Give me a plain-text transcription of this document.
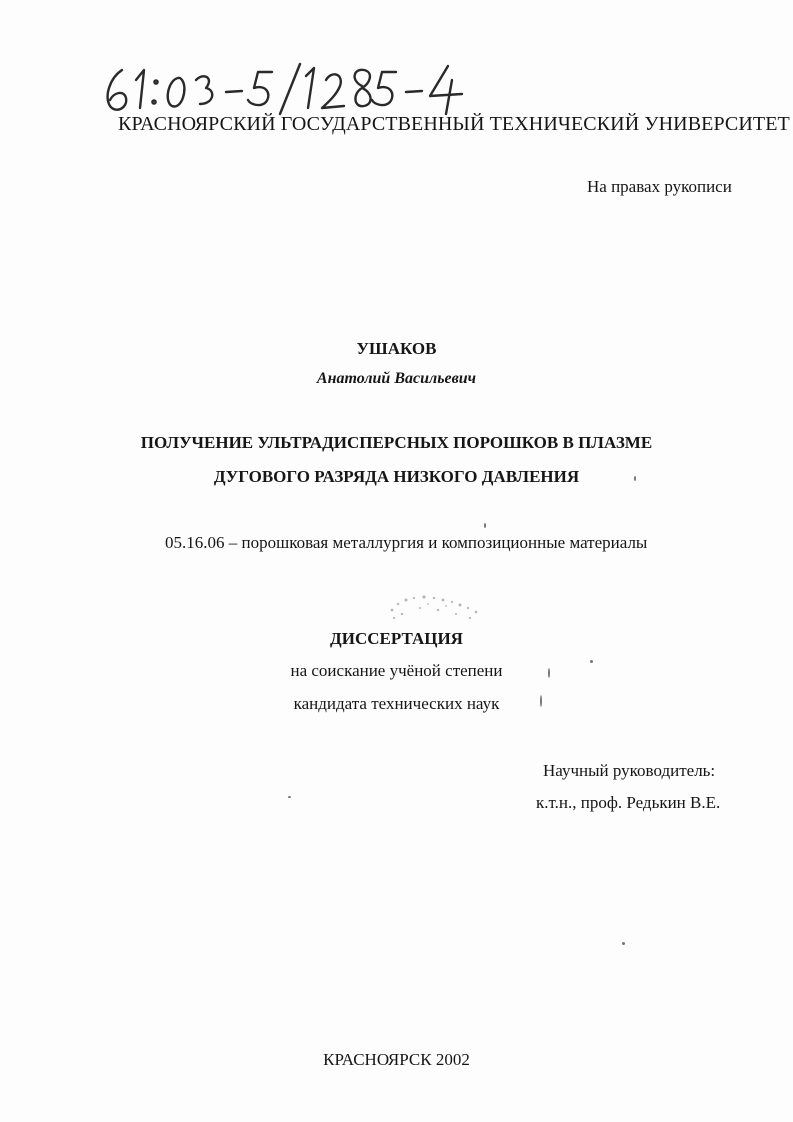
КРАСНОЯРСКИЙ ГОСУДАРСТВЕННЫЙ ТЕХНИЧЕСКИЙ УНИВЕРСИТЕТ
На правах рукописи
УШАКОВ
Анатолий Васильевич
ПОЛУЧЕНИЕ УЛЬТРАДИСПЕРСНЫХ ПОРОШКОВ В ПЛАЗМЕ
ДУГОВОГО РАЗРЯДА НИЗКОГО ДАВЛЕНИЯ
05.16.06 – порошковая металлургия и композиционные материалы
ДИССЕРТАЦИЯ
на соискание учёной степени
кандидата технических наук
Научный руководитель:
к.т.н., проф. Редькин В.Е.
КРАСНОЯРСК 2002
